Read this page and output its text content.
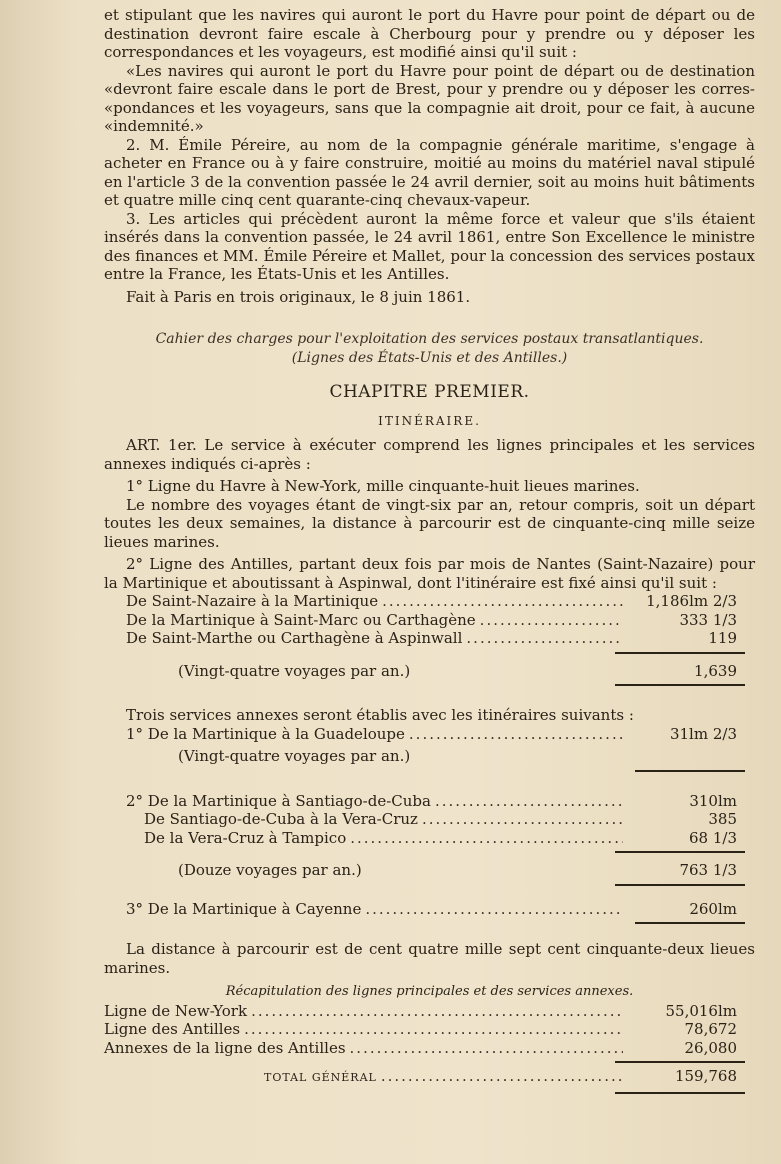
et stipulant que les navires qui auront le port du Havre pour point de départ ou de destination devront faire escale à Cherbourg pour y prendre ou y déposer les correspondances et les voyageurs, est modifié ainsi qu'il suit :

«Les navires qui auront le port du Havre pour point de départ ou de destination «devront faire escale dans le port de Brest, pour y prendre ou y déposer les corres- «pondances et les voyageurs, sans que la compagnie ait droit, pour ce fait, à aucune «indemnité.»

2. M. Émile Péreire, au nom de la compagnie générale maritime, s'engage à acheter en France ou à y faire construire, moitié au moins du matériel naval stipulé en l'article 3 de la convention passée le 24 avril dernier, soit au moins huit bâtiments et quatre mille cinq cent quarante-cinq chevaux-vapeur.

3. Les articles qui précèdent auront la même force et valeur que s'ils étaient insérés dans la convention passée, le 24 avril 1861, entre Son Excellence le ministre des finances et MM. Émile Péreire et Mallet, pour la concession des services postaux entre la France, les États-Unis et les Antilles.

Fait à Paris en trois originaux, le 8 juin 1861.

Cahier des charges pour l'exploitation des services postaux transatlantiques.

(Lignes des États-Unis et des Antilles.)

CHAPITRE PREMIER.

ITINÉRAIRE.

ART. 1er. Le service à exécuter comprend les lignes principales et les services annexes indiqués ci-après :

1° Ligne du Havre à New-York, mille cinquante-huit lieues marines.

Le nombre des voyages étant de vingt-six par an, retour compris, soit un départ toutes les deux semaines, la distance à parcourir est de cinquante-cinq mille seize lieues marines.

2° Ligne des Antilles, partant deux fois par mois de Nantes (Saint-Nazaire) pour la Martinique et aboutissant à Aspinwal, dont l'itinéraire est fixé ainsi qu'il suit :

De Saint-Nazaire à la Martinique .....	1,186lm 2/3
De la Martinique à Saint-Marc ou Carthagène .....	333 1/3
De Saint-Marthe ou Carthagène à Aspinwall .....	119
(Vingt-quatre voyages par an.)	1,639

Trois services annexes seront établis avec les itinéraires suivants :

1° De la Martinique à la Guadeloupe .....	31lm 2/3

(Vingt-quatre voyages par an.)

2° De la Martinique à Santiago-de-Cuba .....	310lm
De Santiago-de-Cuba à la Vera-Cruz .....	385
De la Vera-Cruz à Tampico .....	68 1/3
(Douze voyages par an.)	763 1/3
3° De la Martinique à Cayenne .....	260lm

La distance à parcourir est de cent quatre mille sept cent cinquante-deux lieues marines.

Récapitulation des lignes principales et des services annexes.

Ligne de New-York .....	55,016lm
Ligne des Antilles .....	78,672
Annexes de la ligne des Antilles .....	26,080
TOTAL GÉNÉRAL .....	159,768
